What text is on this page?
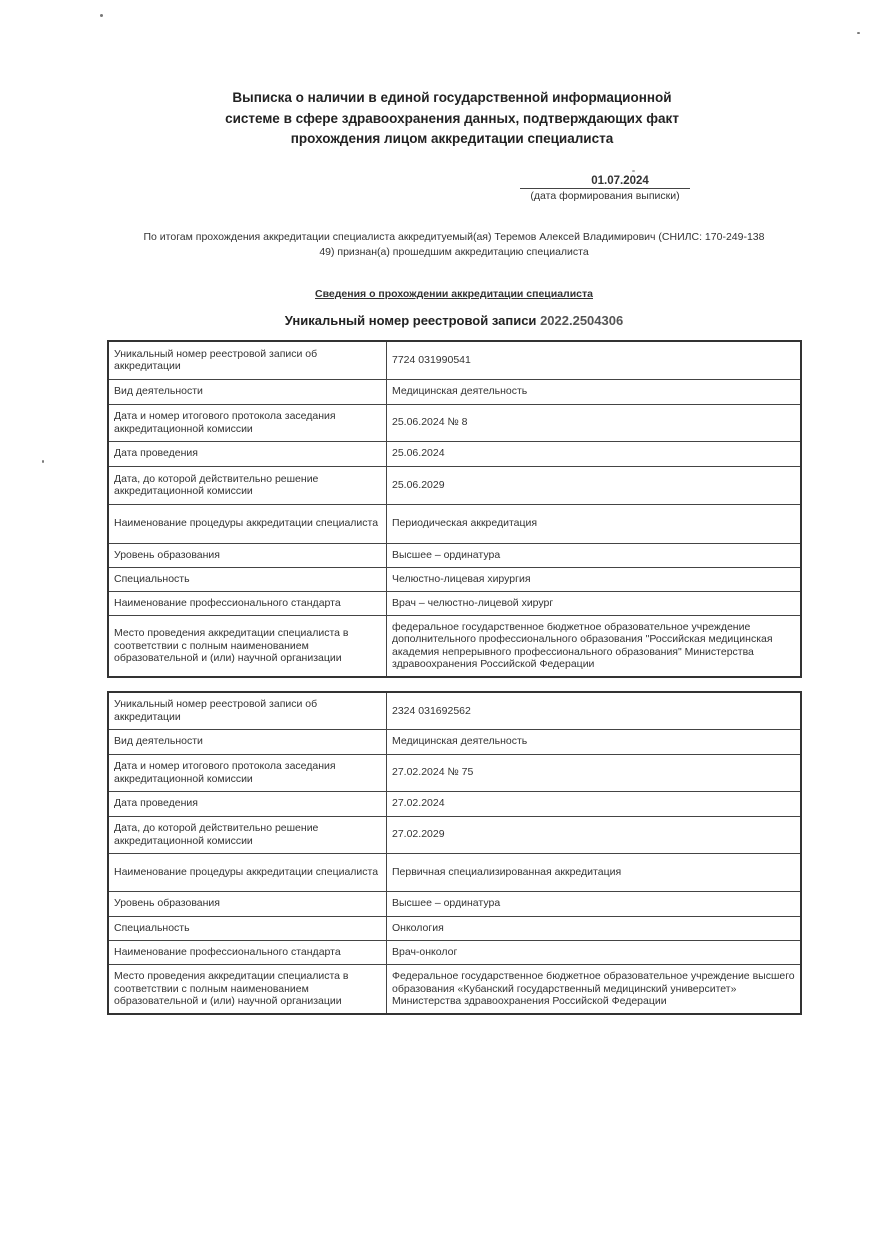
Выписка о наличии в единой государственной информационной
системе в сфере здравоохранения данных, подтверждающих факт
прохождения лицом аккредитации специалиста
01.07.2024
(дата формирования выписки)
По итогам прохождения аккредитации специалиста аккредитуемый(ая) Теремов Алексей Владимирович (СНИЛС: 170-249-138
49) признан(а) прошедшим аккредитацию специалиста
Сведения о прохождении аккредитации специалиста
Уникальный номер реестровой записи 2022.2504306
Уникальный номер реестровой записи об аккредитации	7724 031990541
Вид деятельности	Медицинская деятельность
Дата и номер итогового протокола заседания аккредитационной комиссии	25.06.2024 № 8
Дата проведения	25.06.2024
Дата, до которой действительно решение аккредитационной комиссии	25.06.2029
Наименование процедуры аккредитации специалиста	Периодическая аккредитация
Уровень образования	Высшее – ординатура
Специальность	Челюстно-лицевая хирургия
Наименование профессионального стандарта	Врач – челюстно-лицевой хирург
Место проведения аккредитации специалиста в соответствии с полным наименованием образовательной и (или) научной организации	федеральное государственное бюджетное образовательное учреждение дополнительного профессионального образования "Российская медицинская академия непрерывного профессионального образования" Министерства здравоохранения Российской Федерации
Уникальный номер реестровой записи об аккредитации	2324 031692562
Вид деятельности	Медицинская деятельность
Дата и номер итогового протокола заседания аккредитационной комиссии	27.02.2024 № 75
Дата проведения	27.02.2024
Дата, до которой действительно решение аккредитационной комиссии	27.02.2029
Наименование процедуры аккредитации специалиста	Первичная специализированная аккредитация
Уровень образования	Высшее – ординатура
Специальность	Онкология
Наименование профессионального стандарта	Врач-онколог
Место проведения аккредитации специалиста в соответствии с полным наименованием образовательной и (или) научной организации	Федеральное государственное бюджетное образовательное учреждение высшего образования «Кубанский государственный медицинский университет» Министерства здравоохранения Российской Федерации
